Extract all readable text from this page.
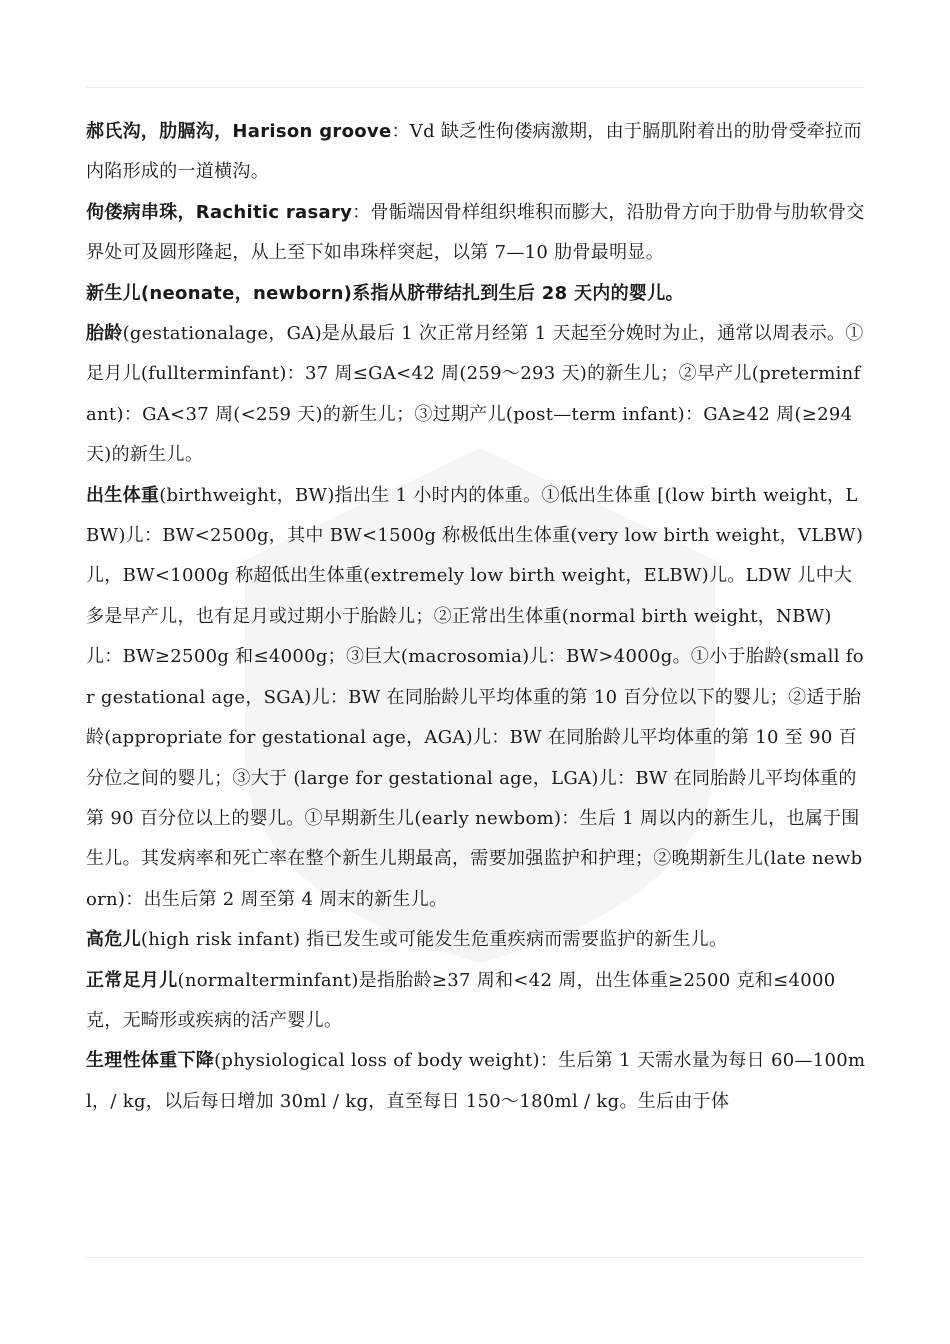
郝氏沟，肋膈沟，Harison groove：Vd 缺乏性佝偻病激期，由于膈肌附着出的肋骨受牵拉而内陷形成的一道横沟。

佝偻病串珠，Rachitic rasary：骨骺端因骨样组织堆积而膨大，沿肋骨方向于肋骨与肋软骨交界处可及圆形隆起，从上至下如串珠样突起，以第 7—10 肋骨最明显。

新生儿(neonate，newborn)系指从脐带结扎到生后 28 天内的婴儿。

胎龄(gestationalage，GA)是从最后 1 次正常月经第 1 天起至分娩时为止，通常以周表示。①足月儿(fullterminfant)：37 周≤GA<42 周(259～293 天)的新生儿；②早产儿(preterminfant)：GA<37 周(<259 天)的新生儿；③过期产儿(post—term infant)：GA≥42 周(≥294 天)的新生儿。

出生体重(birthweight，BW)指出生 1 小时内的体重。①低出生体重 [(low birth weight，LBW)儿：BW<2500g，其中 BW<1500g 称极低出生体重(very low birth weight，VLBW)儿，BW<1000g 称超低出生体重(extremely low birth weight，ELBW)儿。LDW 儿中大多是早产儿，也有足月或过期小于胎龄儿；②正常出生体重(normal birth weight，NBW)儿：BW≥2500g 和≤4000g；③巨大(macrosomia)儿：BW>4000g。①小于胎龄(small for gestational age，SGA)儿：BW 在同胎龄儿平均体重的第 10 百分位以下的婴儿；②适于胎龄(appropriate for gestational age，AGA)儿：BW 在同胎龄儿平均体重的第 10 至 90 百分位之间的婴儿；③大于 (large for gestational age，LGA)儿：BW 在同胎龄儿平均体重的第 90 百分位以上的婴儿。①早期新生儿(early newbom)：生后 1 周以内的新生儿，也属于围生儿。其发病率和死亡率在整个新生儿期最高，需要加强监护和护理；②晚期新生儿(late newborn)：出生后第 2 周至第 4 周末的新生儿。

高危儿(high risk infant) 指已发生或可能发生危重疾病而需要监护的新生儿。

正常足月儿(normalterminfant)是指胎龄≥37 周和<42 周，出生体重≥2500 克和≤4000 克，无畸形或疾病的活产婴儿。

生理性体重下降(physiological loss of body weight)：生后第 1 天需水量为每日 60—100ml，/ kg，以后每日增加 30ml / kg，直至每日 150～180ml / kg。生后由于体
